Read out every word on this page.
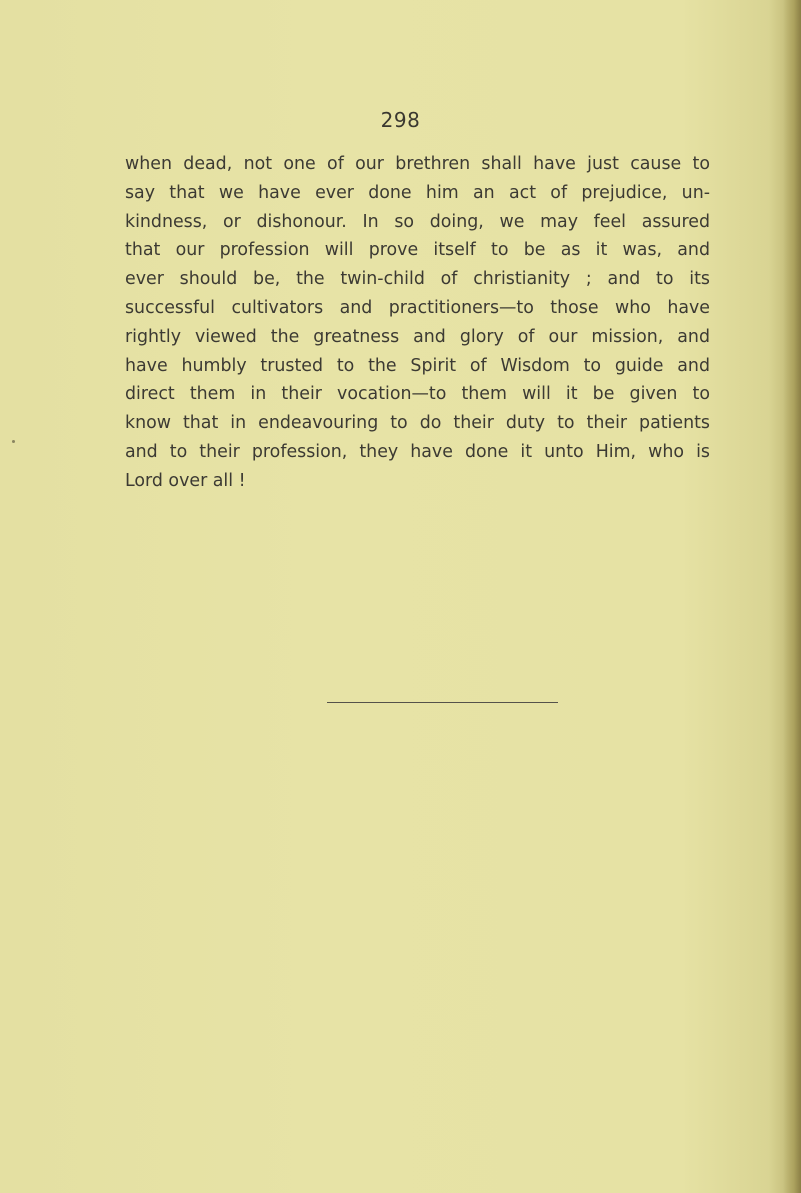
298

when dead, not one of our brethren shall have just cause to
say that we have ever done him an act of prejudice, un-
kindness, or dishonour. In so doing, we may feel assured
that our profession will prove itself to be as it was, and
ever should be, the twin-child of christianity ; and to its
successful cultivators and practitioners—to those who have
rightly viewed the greatness and glory of our mission, and
have humbly trusted to the Spirit of Wisdom to guide and
direct them in their vocation—to them will it be given to
know that in endeavouring to do their duty to their patients
and to their profession, they have done it unto Him, who is
Lord over all !
